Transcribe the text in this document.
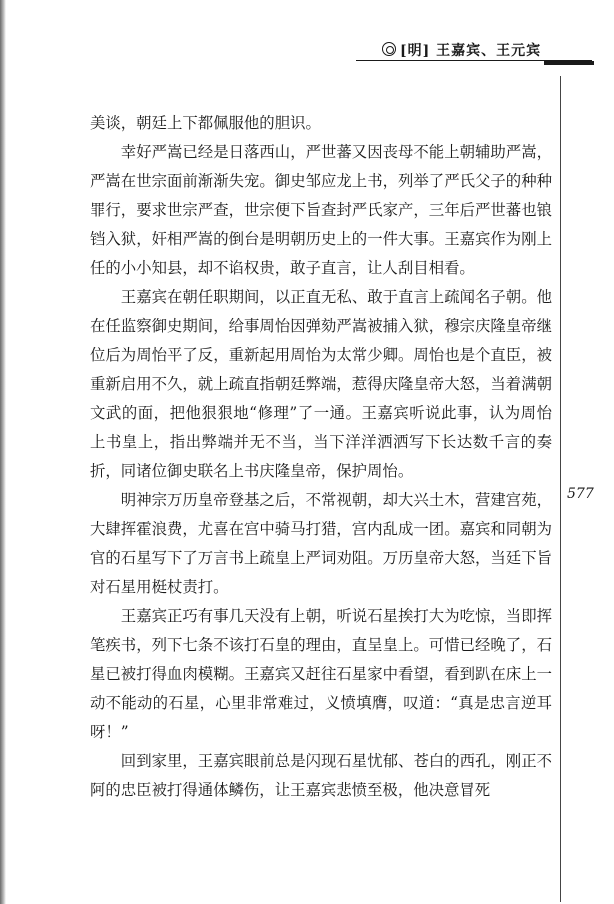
[明] 王嘉宾、王元宾
577

美谈，朝廷上下都佩服他的胆识。

幸好严嵩已经是日落西山，严世蕃又因丧母不能上朝辅助严嵩，严嵩在世宗面前渐渐失宠。御史邹应龙上书，列举了严氏父子的种种罪行，要求世宗严查，世宗便下旨查封严氏家产，三年后严世蕃也锒铛入狱，奸相严嵩的倒台是明朝历史上的一件大事。王嘉宾作为刚上任的小小知县，却不谄权贵，敢子直言，让人刮目相看。

王嘉宾在朝任职期间，以正直无私、敢于直言上疏闻名子朝。他在任监察御史期间，给事周怡因弹劾严嵩被捕入狱，穆宗庆隆皇帝继位后为周怡平了反，重新起用周怡为太常少卿。周怡也是个直臣，被重新启用不久，就上疏直指朝廷弊端，惹得庆隆皇帝大怒，当着满朝文武的面，把他狠狠地“修理”了一通。王嘉宾听说此事，认为周怡上书皇上，指出弊端并无不当，当下洋洋洒洒写下长达数千言的奏折，同诸位御史联名上书庆隆皇帝，保护周怡。

明神宗万历皇帝登基之后，不常视朝，却大兴土木，营建宫苑，大肆挥霍浪费，尤喜在宫中骑马打猎，宫内乱成一团。嘉宾和同朝为官的石星写下了万言书上疏皇上严词劝阻。万历皇帝大怒，当廷下旨对石星用梃杖责打。

王嘉宾正巧有事几天没有上朝，听说石星挨打大为吃惊，当即挥笔疾书，列下七条不该打石皇的理由，直呈皇上。可惜已经晚了，石星已被打得血肉模糊。王嘉宾又赶往石星家中看望，看到趴在床上一动不能动的石星，心里非常难过，义愤填膺，叹道：“真是忠言逆耳呀！”

回到家里，王嘉宾眼前总是闪现石星忧郁、苍白的西孔，刚正不阿的忠臣被打得通体鳞伤，让王嘉宾悲愤至极，他决意冒死
